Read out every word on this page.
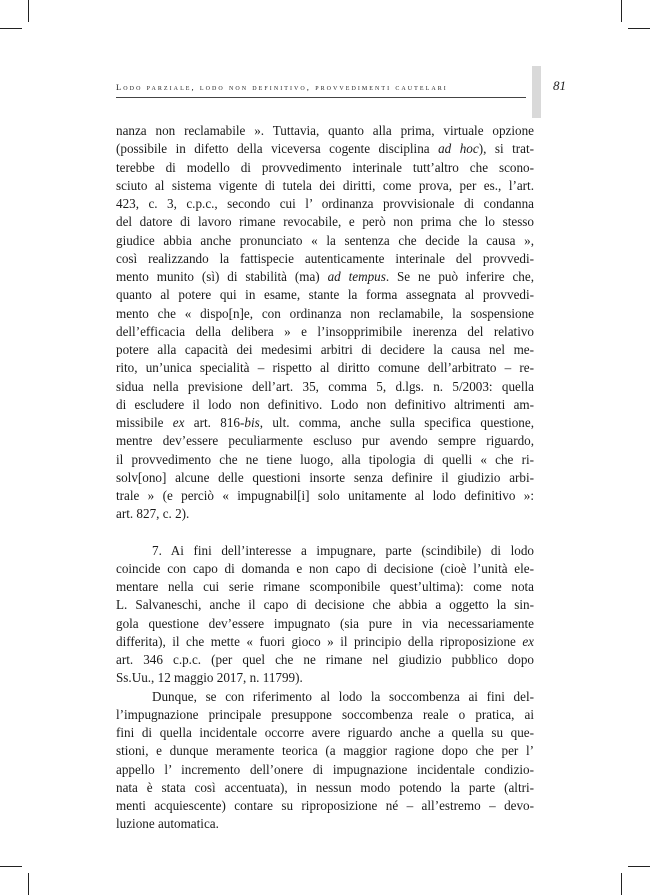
Lodo parziale, lodo non definitivo, provvedimenti cautelari	81
nanza non reclamabile ». Tuttavia, quanto alla prima, virtuale opzione
(possibile in difetto della viceversa cogente disciplina ad hoc), si trat-
terebbe di modello di provvedimento interinale tutt’altro che scono-
sciuto al sistema vigente di tutela dei diritti, come prova, per es., l’art.
423, c. 3, c.p.c., secondo cui l’ ordinanza provvisionale di condanna
del datore di lavoro rimane revocabile, e però non prima che lo stesso
giudice abbia anche pronunciato « la sentenza che decide la causa »,
così realizzando la fattispecie autenticamente interinale del provvedi-
mento munito (sì) di stabilità (ma) ad tempus. Se ne può inferire che,
quanto al potere qui in esame, stante la forma assegnata al provvedi-
mento che « dispo[n]e, con ordinanza non reclamabile, la sospensione
dell’efficacia della delibera » e l’insopprimibile inerenza del relativo
potere alla capacità dei medesimi arbitri di decidere la causa nel me-
rito, un’unica specialità – rispetto al diritto comune dell’arbitrato – re-
sidua nella previsione dell’art. 35, comma 5, d.lgs. n. 5/2003: quella
di escludere il lodo non definitivo. Lodo non definitivo altrimenti am-
missibile ex art. 816-bis, ult. comma, anche sulla specifica questione,
mentre dev’essere peculiarmente escluso pur avendo sempre riguardo,
il provvedimento che ne tiene luogo, alla tipologia di quelli « che ri-
solv[ono] alcune delle questioni insorte senza definire il giudizio arbi-
trale » (e perciò « impugnabil[i] solo unitamente al lodo definitivo »:
art. 827, c. 2).
7. Ai fini dell’interesse a impugnare, parte (scindibile) di lodo
coincide con capo di domanda e non capo di decisione (cioè l’unità ele-
mentare nella cui serie rimane scomponibile quest’ultima): come nota
L. Salvaneschi, anche il capo di decisione che abbia a oggetto la sin-
gola questione dev’essere impugnato (sia pure in via necessariamente
differita), il che mette « fuori gioco » il principio della riproposizione ex
art. 346 c.p.c. (per quel che ne rimane nel giudizio pubblico dopo
Ss.Uu., 12 maggio 2017, n. 11799).
Dunque, se con riferimento al lodo la soccombenza ai fini del-
l’impugnazione principale presuppone soccombenza reale o pratica, ai
fini di quella incidentale occorre avere riguardo anche a quella su que-
stioni, e dunque meramente teorica (a maggior ragione dopo che per l’
appello l’ incremento dell’onere di impugnazione incidentale condizio-
nata è stata così accentuata), in nessun modo potendo la parte (altri-
menti acquiescente) contare su riproposizione né – all’estremo – devo-
luzione automatica.
